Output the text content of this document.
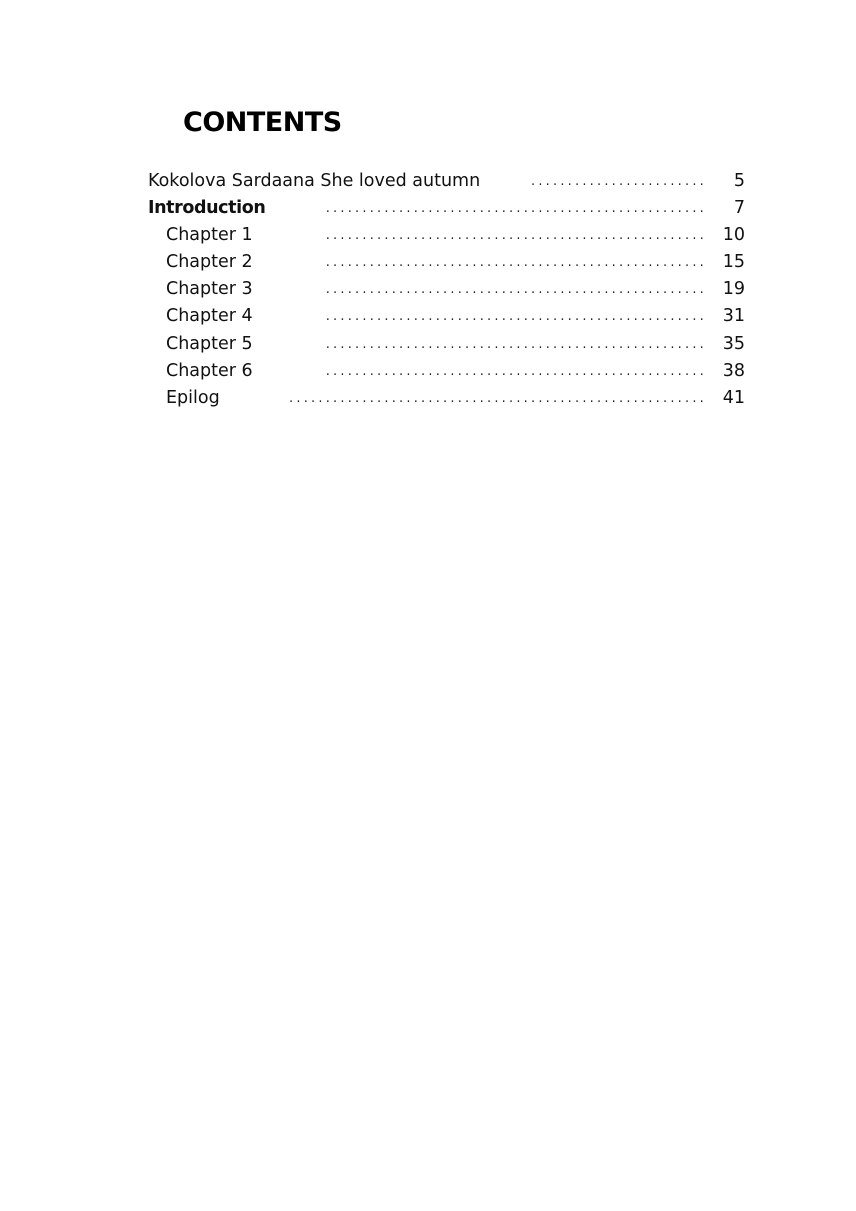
CONTENTS
........................
Kokolova Sardaana She loved autumn	5
....................................................
Introduction	7
....................................................
Chapter 1	10
....................................................
Chapter 2	15
....................................................
Chapter 3	19
....................................................
Chapter 4	31
....................................................
Chapter 5	35
....................................................
Chapter 6	38
.........................................................
Epilog	41
